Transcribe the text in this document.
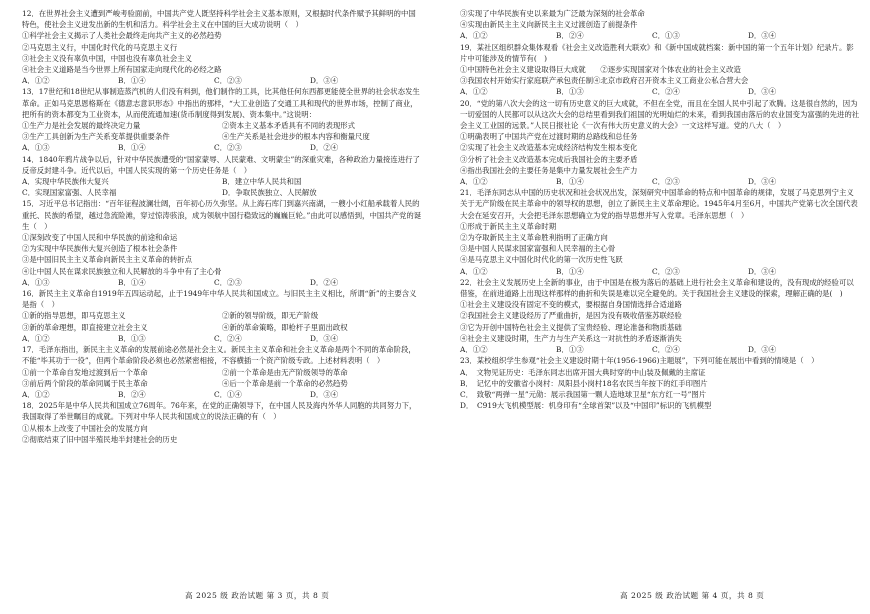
12．在世界社会主义遭到严峻考验面前，中国共产党人既坚持科学社会主义基本原则，又根据时代条件赋予其鲜明的中国特色，使社会主义迸发出新的生机和活力。科学社会主义在中国的巨大成功说明（　）
①科学社会主义揭示了人类社会最终走向共产主义的必然趋势
②马克思主义行，中国化时代化的马克思主义行
③社会主义没有辜负中国，中国也没有辜负社会主义
④社会主义道路是当今世界上所有国家走向现代化的必经之路
A．①②	B．①④	C．②③	D．③④
13．17世纪和18世纪从事制造蒸汽机的人们没有料到，他们制作的工具，比其他任何东西都更能使全世界的社会状态发生革命。正如马克思恩格斯在《德意志意识形态》中指出的那样，“大工业创造了交通工具和现代的世界市场，控制了商业，把所有的资本都变为工业资本，从而使流通加速(货币制度得到发展)、资本集中。”这说明：
①生产力是社会发展的最终决定力量	②资本主义基本矛盾具有不同的表现形式
③生产工具创新为生产关系变革提供重要条件	④生产关系是社会进步的根本内容和衡量尺度
A．①③	B．①④	C．②③	D．②④
14．1840年鸦片战争以后，针对中华民族遭受的“国家蒙辱、人民蒙难、文明蒙尘”的深重灾难，各种政治力量接连进行了反帝反封建斗争。近代以后，中国人民实现的第一个历史任务是（　）
A．实现中华民族伟大复兴	B．建立中华人民共和国
C．实现国家富强、人民幸福	D．争取民族独立、人民解放
15．习近平总书记指出：“百年征程波澜壮阔，百年初心历久弥坚。从上海石库门到嘉兴南湖，一艘小小红船承载着人民的重托、民族的希望，越过急流险滩，穿过惊涛骇浪，成为领航中国行稳致远的巍巍巨轮。”由此可以感悟到，中国共产党的诞生（　）
①深刻改变了中国人民和中华民族的前途和命运
②为实现中华民族伟大复兴创造了根本社会条件
③是中国旧民主主义革命向新民主主义革命的转折点
④让中国人民在谋求民族独立和人民解放的斗争中有了主心骨
A．①③	B．①④	C．②③	D．②④
16．新民主主义革命自1919年五四运动起，止于1949年中华人民共和国成立。与旧民主主义相比，所谓“新”的主要含义是指（　）
①新的指导思想，即马克思主义	②新的领导阶级，即无产阶级
③新的革命理想，即直接建立社会主义	④新的革命策略，即枪杆子里面出政权
A．①②	B．①③	C．②④	D．③④
17．毛泽东指出，新民主主义革命的发展前途必然是社会主义。新民主主义革命和社会主义革命是两个不同的革命阶段，不能“毕其功于一役”，但两个革命阶段必须也必然紧密相接，不容横插一个资产阶级专政。上述材料表明（　）
①前一个革命自发地过渡到后一个革命	②前一个革命是由无产阶级领导的革命
③前后两个阶段的革命同属于民主革命	④后一个革命是前一个革命的必然趋势
A．①②	B．②④	C．①④	D．③④
18．2025年是中华人民共和国成立76周年。76年来，在党的正确领导下，在中国人民及海内外华人同胞的共同努力下，我国取得了举世瞩目的成就。下列对中华人民共和国成立的说法正确的有（　）
①从根本上改变了中国社会的发展方向
②彻底结束了旧中国半殖民地半封建社会的历史
③实现了中华民族有史以来最为广泛最为深刻的社会革命
④实现由新民主主义向新民主主义过渡创造了前提条件
A．①②	B．②④	C．①③	D．③④
19．某社区组织群众集体观看《社会主义改造胜利大联欢》和《新中国成就档案：新中国的第一个五年计划》纪录片。影片中可能涉及的情节有(　)
①中国特色社会主义建设取得巨大成就　　②逐步实现国家对个体农业的社会主义改造
③我国农村开始实行家庭联产承包责任制④北京市政府召开资本主义工商业公私合营大会
A．①②	B．①③	C．②④	D．③④
20．“党的第八次大会的这一切有历史意义的巨大成就，不但在全党，而且在全国人民中引起了欢腾。这是很自然的，因为一切爱国的人民都可以从这次大会的总结里看到我们祖国的光明灿烂的未来，看到我国由落后的农业国变为富强的先进的社会主义工业国的远景。”人民日报社论《一次有伟大历史意义的大会》一文这样写道。党的八大（　）
①明确表明了中国共产党在过渡时期的总路线和总任务
②实现了社会主义改造基本完成经济结构发生根本变化
③分析了社会主义改造基本完成后我国社会的主要矛盾
④指出我国社会的主要任务是集中力量发展社会生产力
A．①②	B．①④	C．②③	D．③④
21．毛泽东同志从中国的历史状况和社会状况出发，深刻研究中国革命的特点和中国革命的规律，发展了马克思列宁主义关于无产阶级在民主革命中的领导权的思想，创立了新民主主义革命理论。1945年4月至6月，中国共产党第七次全国代表大会在延安召开，大会把毛泽东思想确立为党的指导思想并写入党章。毛泽东思想（　）
①形成于新民主主义革命时期
②为夺取新民主主义革命胜利指明了正确方向
③是中国人民谋求国家富强和人民幸福的主心骨
④是马克思主义中国化时代化的第一次历史性飞跃
A．①②	B．①④	C．②③	D．③④
22．社会主义发展历史上全新的事业，由于中国是在极为落后的基础上进行社会主义革命和建设的，没有现成的经验可以借鉴，在前进道路上出现这样那样的曲折和失误是难以完全避免的。关于我国社会主义建设的探索，理解正确的是(　)
①社会主义建设没有固定不变的模式，要根据自身国情选择合适道路
②我国社会主义建设经历了严重曲折，是因为没有吸收借鉴苏联经验
③它为开创中国特色社会主义提供了宝贵经验、理论准备和物质基础
④社会主义建设时期，生产力与生产关系这一对抗性的矛盾逐渐消失
A．①②	B．①③	C．②④	D．③④
23．某校组织学生参观“社会主义建设时期十年(1956-1966)主题展”，下列可能在展出中看到的情境是（　）
A．　文物见证历史：毛泽东同志出席开国大典时穿的中山装及佩戴的主席证
B．　记忆中的安徽省小岗村：凤阳县小岗村18名农民当年按下的红手印图片
C．　致敬“两弹一星”元勋：展示我国第一颗人造地球卫星“东方红一号”图片
D．　C919大飞机模型展：机身印有“全球首架”以及“中国印”标识的飞机模型
高 2025 级 政治试题 第 3 页，共 8 页	高 2025 级 政治试题 第 4 页，共 8 页
